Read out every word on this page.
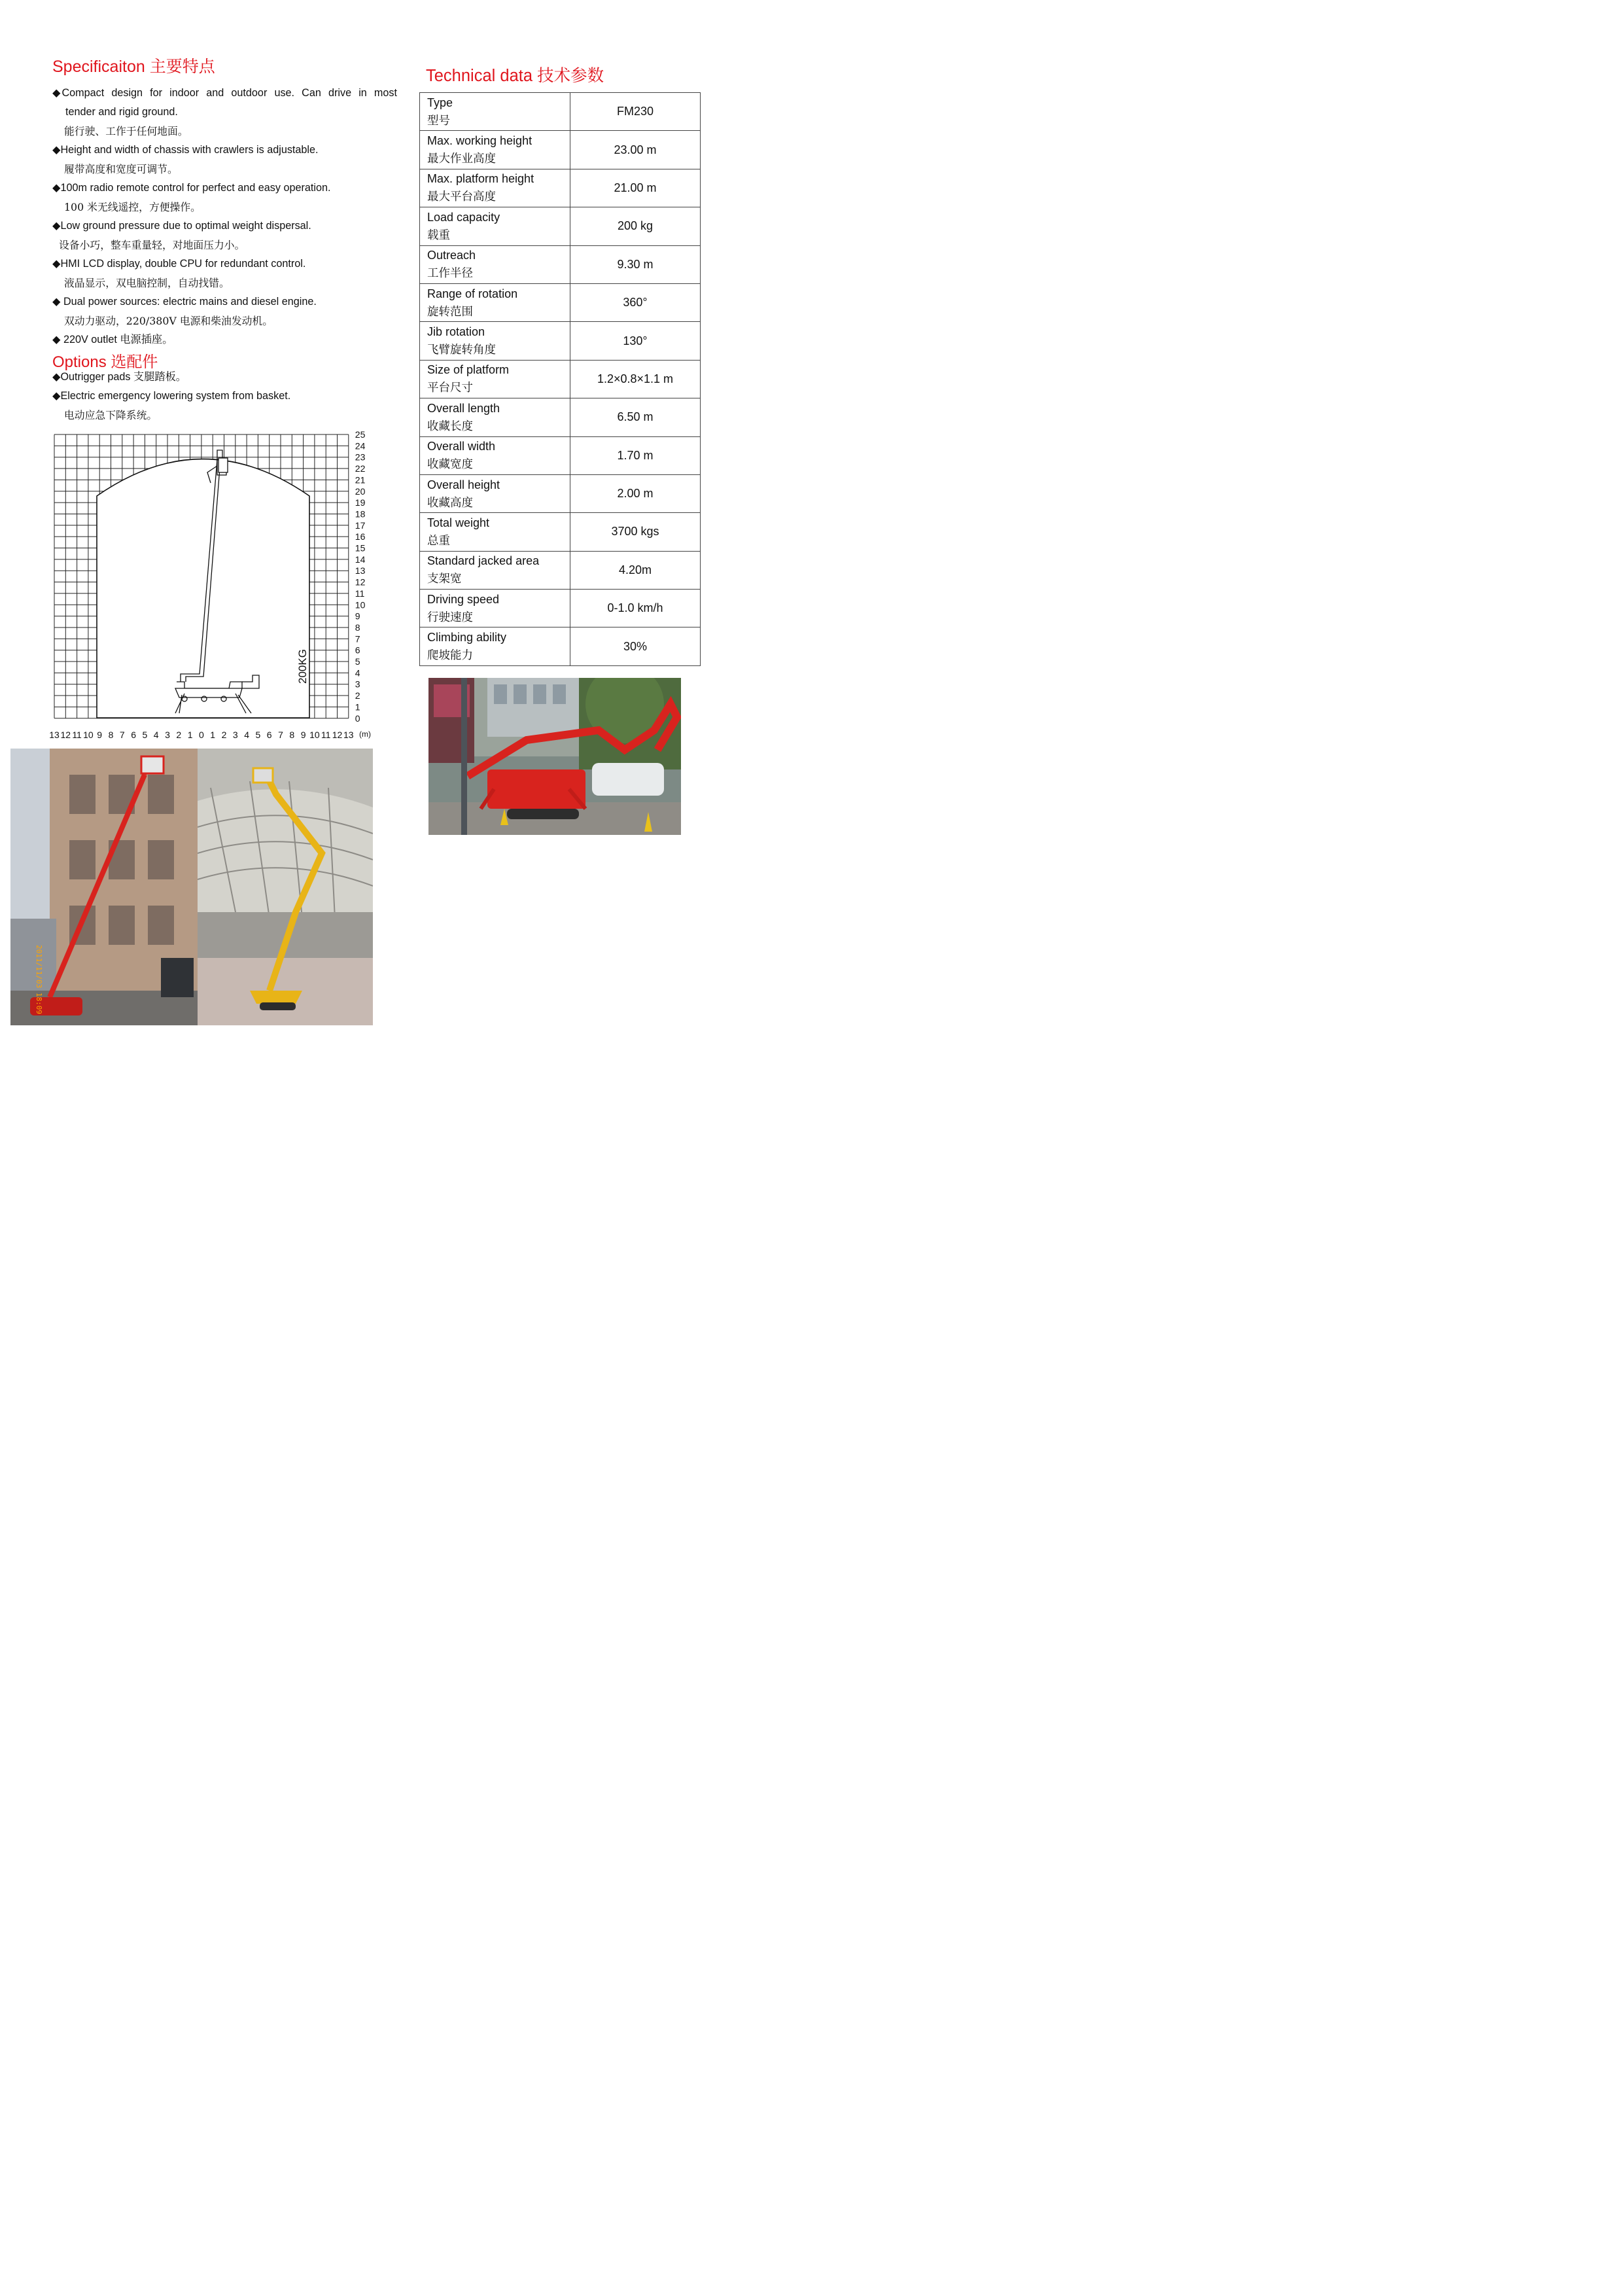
Specificaiton 主要特点
◆ Compact design for indoor and outdoor use. Can drive in most
tender and rigid ground.
能行驶、工作于任何地面。
◆Height and width of chassis with crawlers is adjustable.
履带高度和宽度可调节。
◆100m radio remote control for perfect and easy operation.
100 米无线遥控，方便操作。
◆Low ground pressure due to optimal weight dispersal.
设备小巧，整车重量轻，对地面压力小。
◆HMI LCD display, double CPU for redundant control.
液晶显示，双电脑控制，自动找错。
◆ Dual power sources: electric mains and diesel engine.
双动力驱动，220/380V 电源和柴油发动机。
◆ 220V outlet 电源插座。
Options 选配件
◆Outrigger pads 支腿踏板。
◆Electric emergency lowering system from basket.
电动应急下降系统。
200KG
25
24
23
22
21
20
19
18
17
16
15
14
13
12
11
10
9
8
7
6
5
4
3
2
1
0
13 12 11 10 9 8 7 6 5 4 3 2 1 0 1 2 3 4 5 6 7 8 9 10 11 12 13 (m)
Technical data 技术参数
Type
型号	FM230

Max. working height
最大作业高度	23.00 m

Max. platform height
最大平台高度	21.00 m

Load capacity
载重	200 kg

Outreach
工作半径	9.30 m

Range of rotation
旋转范围	360°

Jib rotation
飞臂旋转角度	130°

Size of platform
平台尺寸	1.2×0.8×1.1 m

Overall length
收藏长度	6.50 m

Overall width
收藏宽度	1.70 m

Overall height
收藏高度	2.00 m

Total weight
总重	3700 kgs

Standard jacked area
支架宽	4.20m

Driving speed
行驶速度	0-1.0 km/h

Climbing ability
爬坡能力	30%
2011/11/03 18:09
